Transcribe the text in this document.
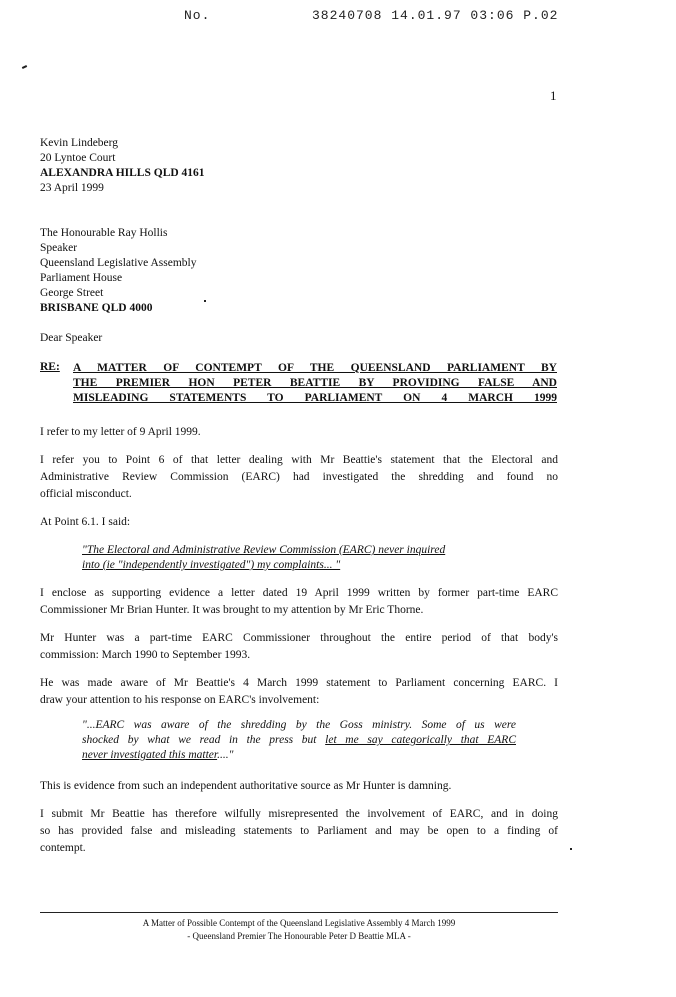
No.	38240708 14.01.97 03:06 P.02
1
Kevin Lindeberg
20 Lyntoe Court
ALEXANDRA HILLS QLD 4161
23 April 1999
The Honourable Ray Hollis
Speaker
Queensland Legislative Assembly
Parliament House
George Street
BRISBANE QLD 4000
Dear Speaker
RE: A MATTER OF CONTEMPT OF THE QUEENSLAND PARLIAMENT BY
THE PREMIER HON PETER BEATTIE BY PROVIDING FALSE AND
MISLEADING STATEMENTS TO PARLIAMENT ON 4 MARCH 1999
I refer to my letter of 9 April 1999.
I refer you to Point 6 of that letter dealing with Mr Beattie's statement that the Electoral and
Administrative Review Commission (EARC) had investigated the shredding and found no
official misconduct.
At Point 6.1. I said:
"The Electoral and Administrative Review Commission (EARC) never inquired
into (ie "independently investigated") my complaints... "
I enclose as supporting evidence a letter dated 19 April 1999 written by former part-time EARC
Commissioner Mr Brian Hunter. It was brought to my attention by Mr Eric Thorne.
Mr Hunter was a part-time EARC Commissioner throughout the entire period of that body's
commission: March 1990 to September 1993.
He was made aware of Mr Beattie's 4 March 1999 statement to Parliament concerning EARC. I
draw your attention to his response on EARC's involvement:
"...EARC was aware of the shredding by the Goss ministry. Some of us were
shocked by what we read in the press but let me say categorically that EARC
never investigated this matter...."
This is evidence from such an independent authoritative source as Mr Hunter is damning.
I submit Mr Beattie has therefore wilfully misrepresented the involvement of EARC, and in doing
so has provided false and misleading statements to Parliament and may be open to a finding of
contempt.
A Matter of Possible Contempt of the Queensland Legislative Assembly 4 March 1999
- Queensland Premier The Honourable Peter D Beattie MLA -
